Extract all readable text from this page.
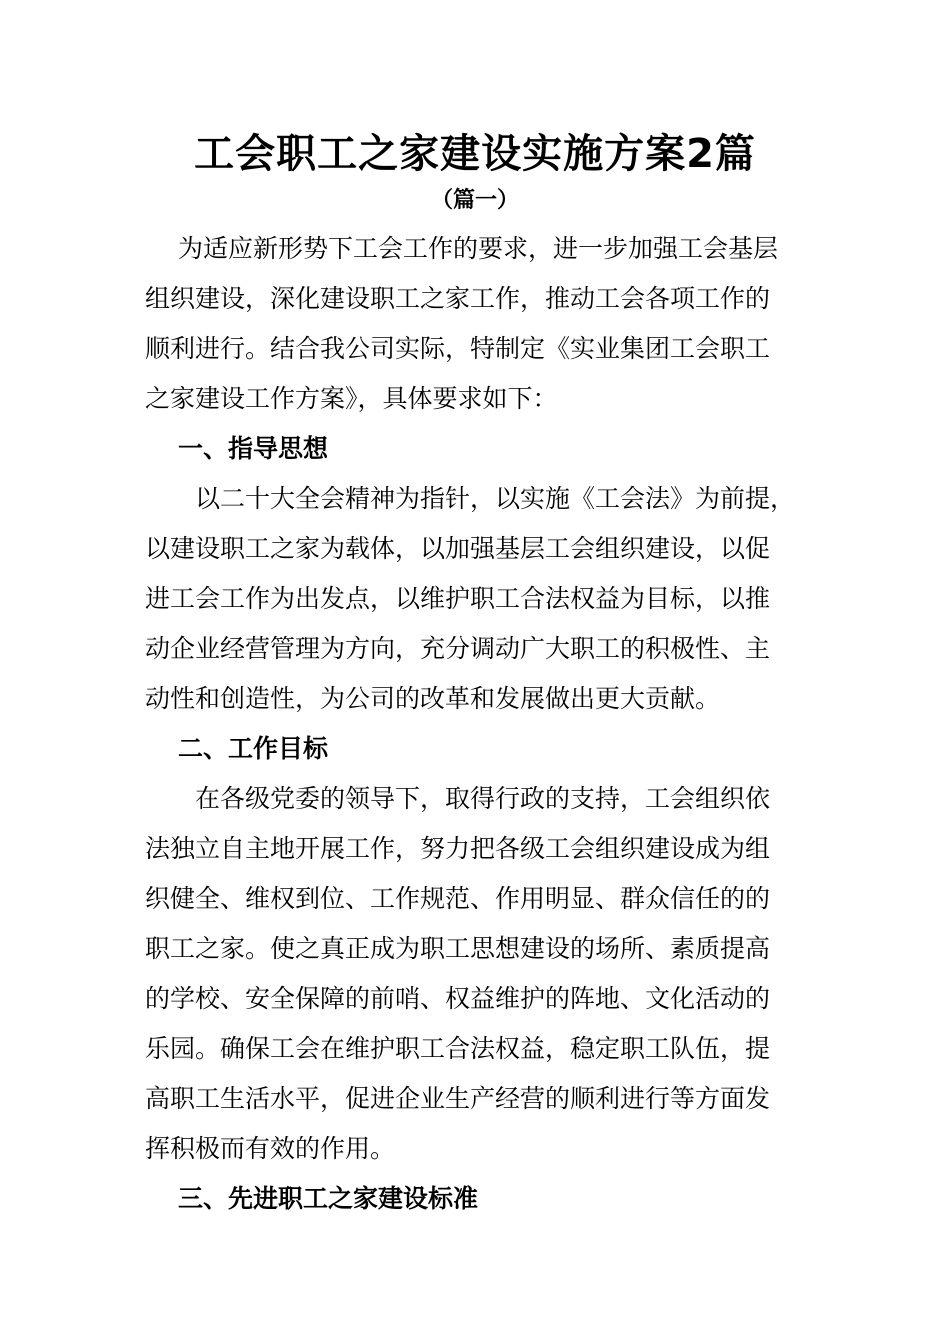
工会职工之家建设实施方案2篇
（篇一）
为适应新形势下工会工作的要求，进一步加强工会基层
组织建设，深化建设职工之家工作，推动工会各项工作的
顺利进行。结合我公司实际，特制定《实业集团工会职工
之家建设工作方案》，具体要求如下：
一、指导思想
以二十大全会精神为指针，以实施《工会法》为前提，
以建设职工之家为载体，以加强基层工会组织建设，以促
进工会工作为出发点，以维护职工合法权益为目标，以推
动企业经营管理为方向，充分调动广大职工的积极性、主
动性和创造性，为公司的改革和发展做出更大贡献。
二、工作目标
在各级党委的领导下，取得行政的支持，工会组织依
法独立自主地开展工作，努力把各级工会组织建设成为组
织健全、维权到位、工作规范、作用明显、群众信任的的
职工之家。使之真正成为职工思想建设的场所、素质提高
的学校、安全保障的前哨、权益维护的阵地、文化活动的
乐园。确保工会在维护职工合法权益，稳定职工队伍，提
高职工生活水平，促进企业生产经营的顺利进行等方面发
挥积极而有效的作用。
三、先进职工之家建设标准
